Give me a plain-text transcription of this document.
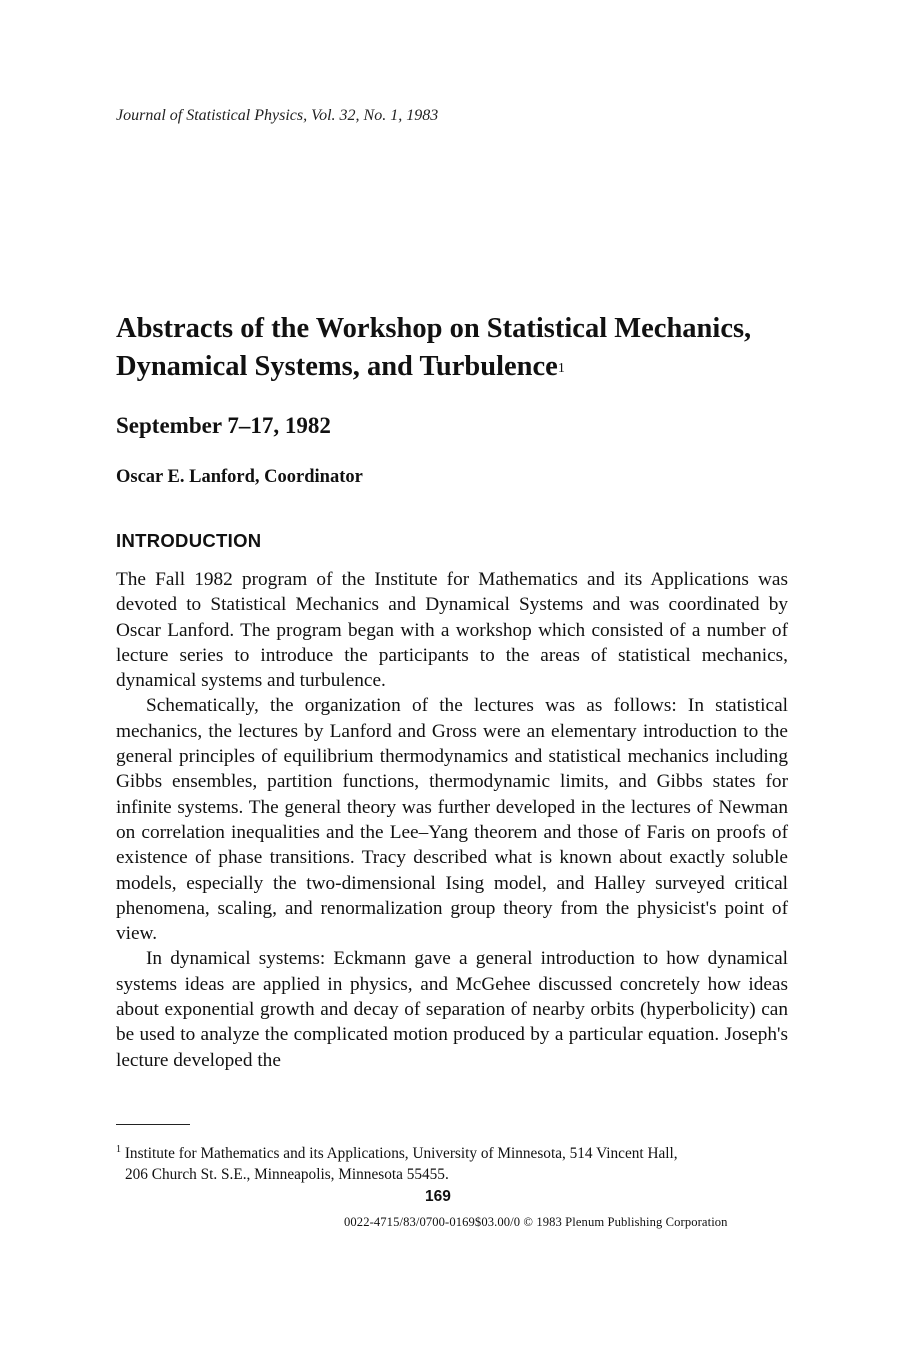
Journal of Statistical Physics, Vol. 32, No. 1, 1983
Abstracts of the Workshop on Statistical Mechanics,
Dynamical Systems, and Turbulence$^1$
September 7–17, 1982
Oscar E. Lanford, Coordinator
INTRODUCTION

The Fall 1982 program of the Institute for Mathematics and its Applications was devoted to Statistical Mechanics and Dynamical Systems and was coordinated by Oscar Lanford. The program began with a workshop which consisted of a number of lecture series to introduce the participants to the areas of statistical mechanics, dynamical systems and turbulence.

Schematically, the organization of the lectures was as follows: In statistical mechanics, the lectures by Lanford and Gross were an elementary introduction to the general principles of equilibrium thermodynamics and statistical mechanics including Gibbs ensembles, partition functions, thermodynamic limits, and Gibbs states for infinite systems. The general theory was further developed in the lectures of Newman on correlation inequalities and the Lee–Yang theorem and those of Faris on proofs of existence of phase transitions. Tracy described what is known about exactly soluble models, especially the two-dimensional Ising model, and Halley surveyed critical phenomena, scaling, and renormalization group theory from the physicist's point of view.

In dynamical systems: Eckmann gave a general introduction to how dynamical systems ideas are applied in physics, and McGehee discussed concretely how ideas about exponential growth and decay of separation of nearby orbits (hyperbolicity) can be used to analyze the complicated motion produced by a particular equation. Joseph's lecture developed the

$^1$ Institute for Mathematics and its Applications, University of Minnesota, 514 Vincent Hall,

206 Church St. S.E., Minneapolis, Minnesota 55455.

169
0022-4715/83/0700-0169$03.00/0 © 1983 Plenum Publishing Corporation
